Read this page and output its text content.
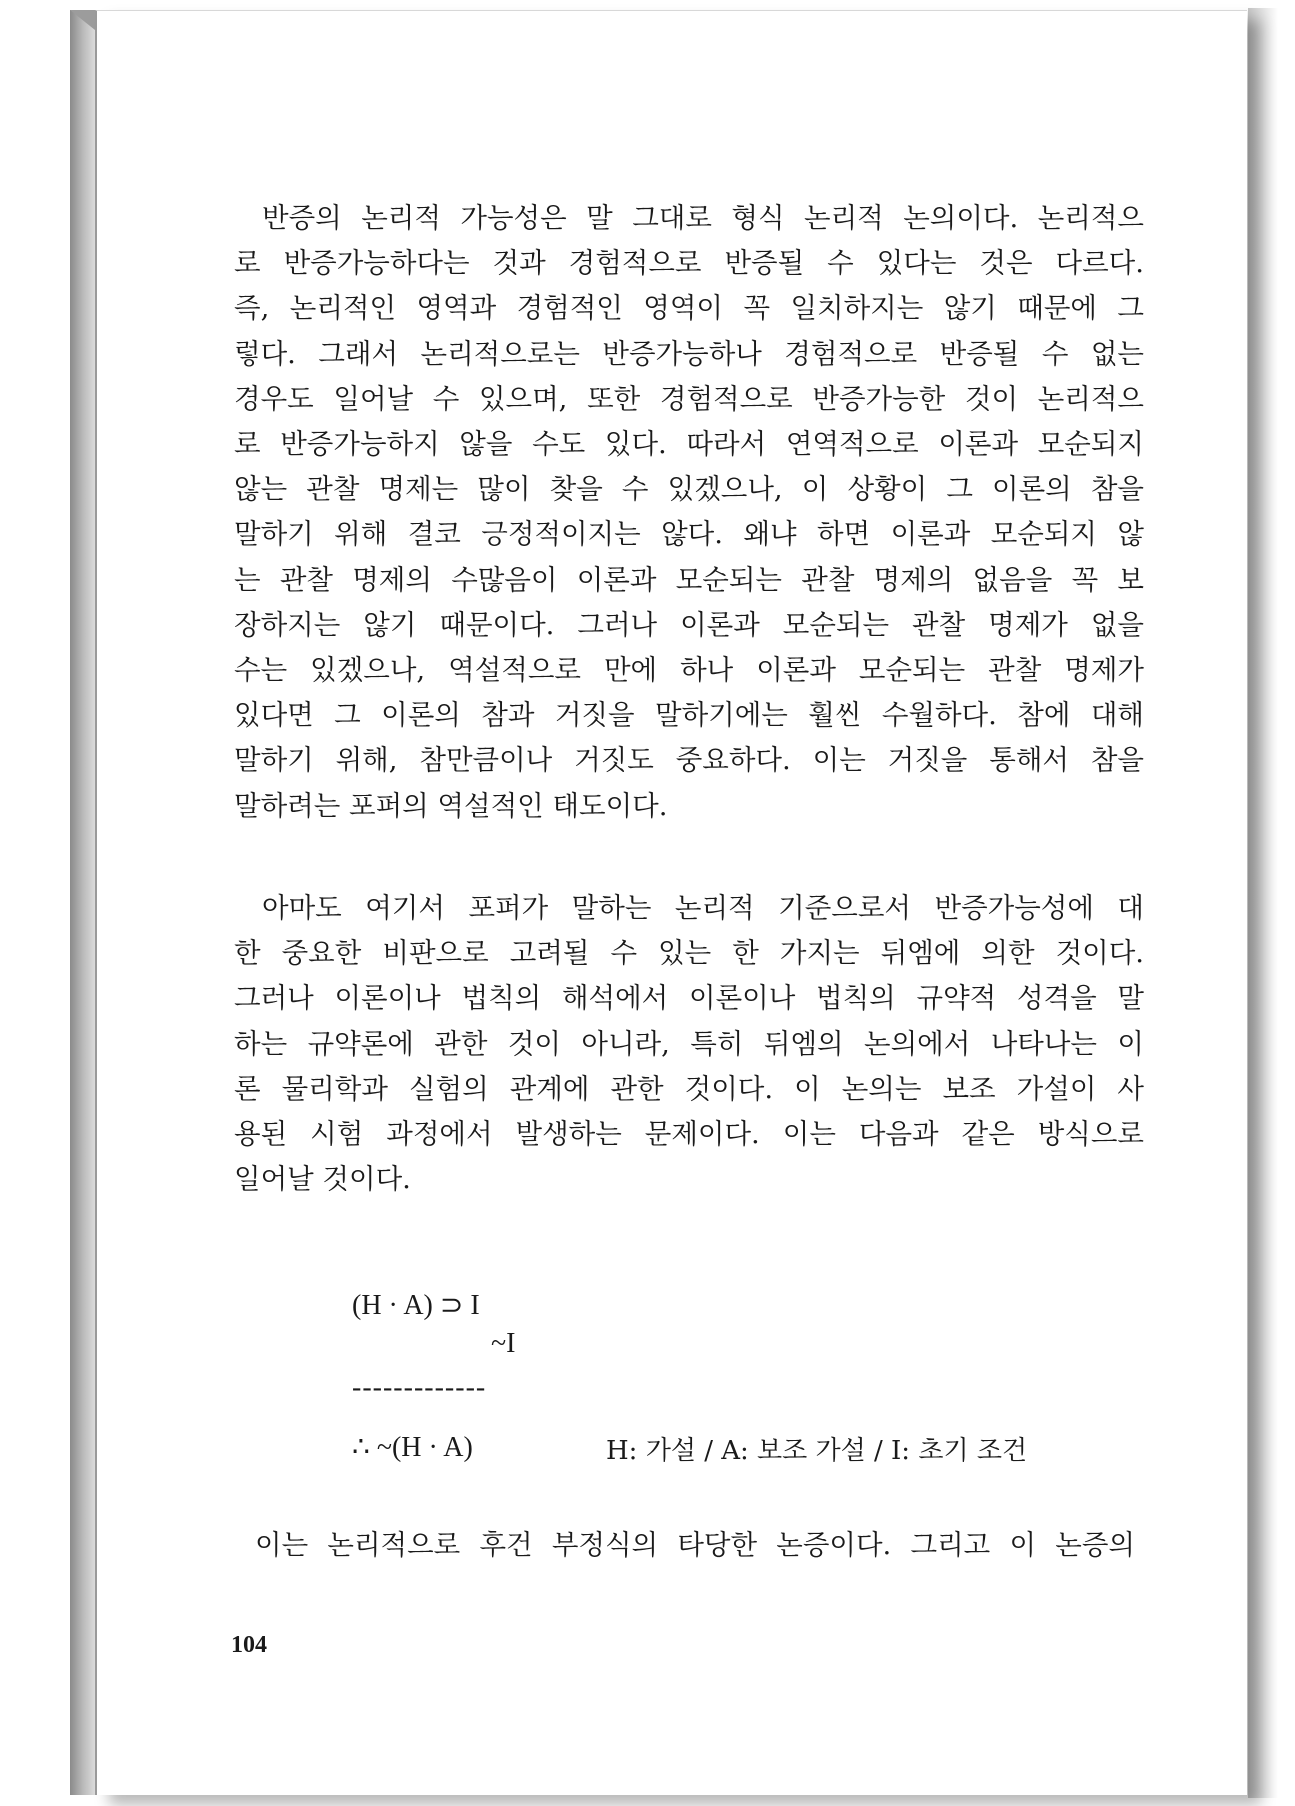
반증의 논리적 가능성은 말 그대로 형식 논리적 논의이다. 논리적으
로 반증가능하다는 것과 경험적으로 반증될 수 있다는 것은 다르다.
즉, 논리적인 영역과 경험적인 영역이 꼭 일치하지는 않기 때문에 그
렇다. 그래서 논리적으로는 반증가능하나 경험적으로 반증될 수 없는
경우도 일어날 수 있으며, 또한 경험적으로 반증가능한 것이 논리적으
로 반증가능하지 않을 수도 있다. 따라서 연역적으로 이론과 모순되지
않는 관찰 명제는 많이 찾을 수 있겠으나, 이 상황이 그 이론의 참을
말하기 위해 결코 긍정적이지는 않다. 왜냐 하면 이론과 모순되지 않
는 관찰 명제의 수많음이 이론과 모순되는 관찰 명제의 없음을 꼭 보
장하지는 않기 때문이다. 그러나 이론과 모순되는 관찰 명제가 없을
수는 있겠으나, 역설적으로 만에 하나 이론과 모순되는 관찰 명제가
있다면 그 이론의 참과 거짓을 말하기에는 훨씬 수월하다. 참에 대해
말하기 위해, 참만큼이나 거짓도 중요하다. 이는 거짓을 통해서 참을
말하려는 포퍼의 역설적인 태도이다.
아마도 여기서 포퍼가 말하는 논리적 기준으로서 반증가능성에 대
한 중요한 비판으로 고려될 수 있는 한 가지는 뒤엠에 의한 것이다.
그러나 이론이나 법칙의 해석에서 이론이나 법칙의 규약적 성격을 말
하는 규약론에 관한 것이 아니라, 특히 뒤엠의 논의에서 나타나는 이
론 물리학과 실험의 관계에 관한 것이다. 이 논의는 보조 가설이 사
용된 시험 과정에서 발생하는 문제이다. 이는 다음과 같은 방식으로
일어날 것이다.
(H · A) ⊃ I
~I
-------------
∴ ~(H · A)	H: 가설 / A: 보조 가설 / I: 초기 조건
이는 논리적으로 후건 부정식의 타당한 논증이다. 그리고 이 논증의
104
